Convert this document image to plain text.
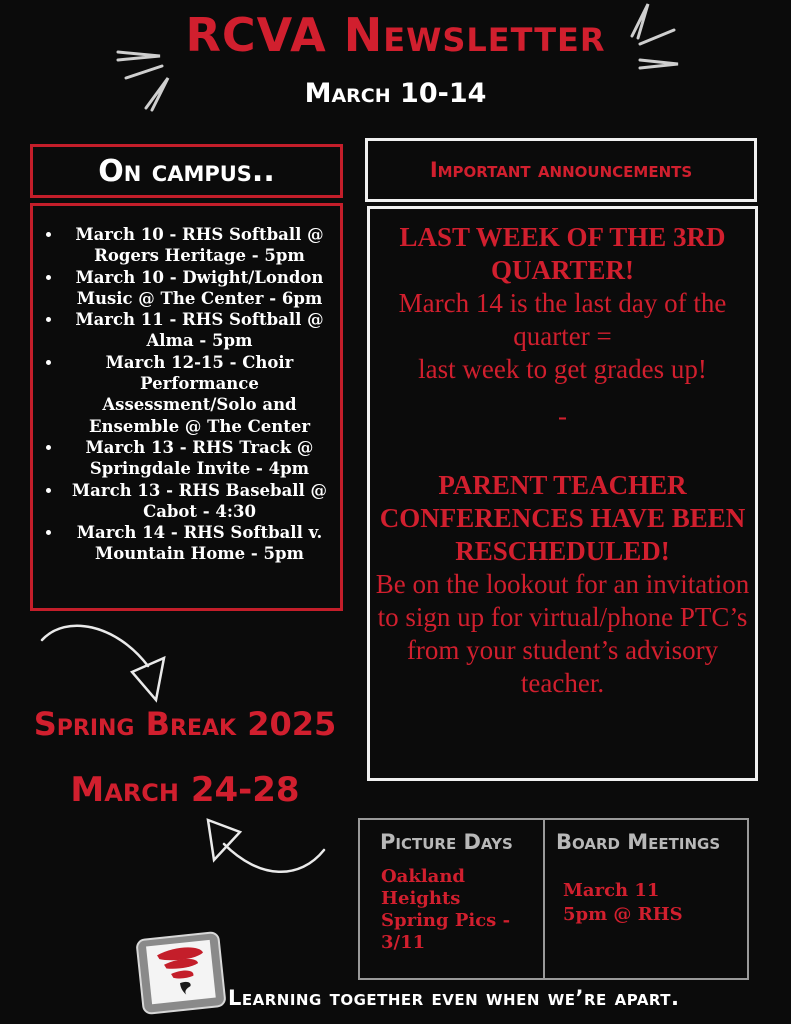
RCVA Newsletter
March 10-14
On campus..	Important announcements
• March 10 - RHS Softball @ Rogers Heritage - 5pm
• March 10 - Dwight/London Music @ The Center - 6pm
• March 11 - RHS Softball @ Alma - 5pm
• March 12-15 - Choir Performance Assessment/Solo and Ensemble @ The Center
• March 13 - RHS Track @ Springdale Invite - 4pm
• March 13 - RHS Baseball @ Cabot - 4:30
• March 14 - RHS Softball v. Mountain Home - 5pm

LAST WEEK OF THE 3RD QUARTER!

March 14 is the last day of the quarter =

last week to get grades up!

-

PARENT TEACHER CONFERENCES HAVE BEEN RESCHEDULED!

Be on the lookout for an invitation to sign up for virtual/phone PTC’s from your student’s advisory teacher.

Spring Break 2025
March 24-28
Picture Days
Oakland Heights Spring Pics - 3/11
Board Meetings
March 11
5pm @ RHS
Learning together even when we’re apart.
